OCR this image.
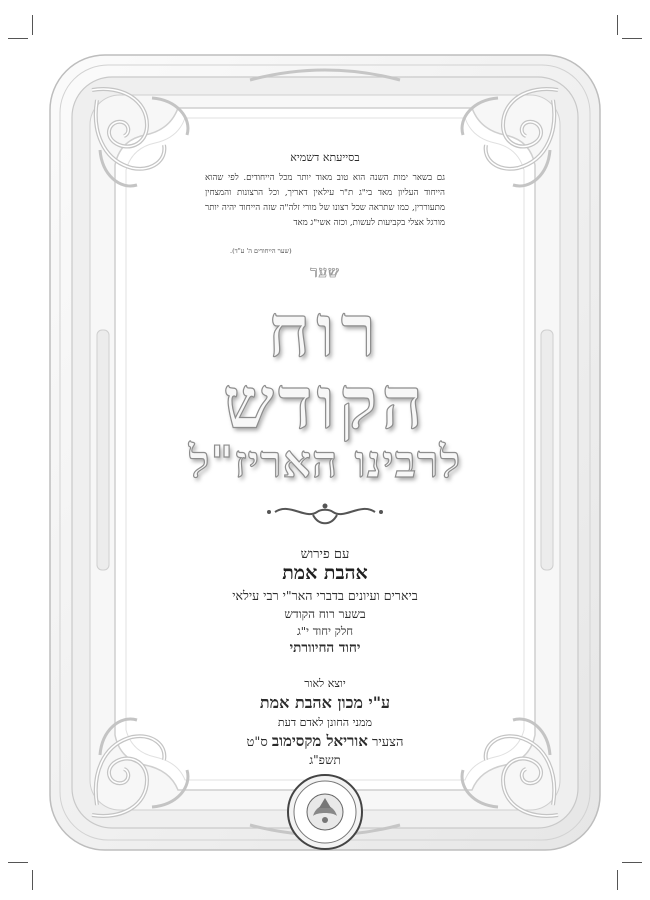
בסייעתא דשמיא
גם בשאר ימות השנה הוא טוב מאוד יותר מכל הייחודים. לפי שהוא הייחוד העליון מאד בי"ג ת"ר עילאין דאריך, וכל הרצונות והמצחין מתעוררין, כמו שתראה שכל רצונו של מורי זלה"ה שזה הייחוד יהיה יותר מורגל אצלי בקביעות לעשות, וכזה אשי"ג מאד
(שער הייחודים ה' ע"ד).
שער
רוח
הקודש
לרבינו האריז"ל
עם פירוש
אהבת אמת
ביארים ועיונים בדברי האר"י רבי עילאי
בשער רוח הקודש
חלק יחוד י"ג
יחוד החיוורתי
יוצא לאור
ע"י מכון אהבת אמת
ממני החונן לאדם דעת
הצעיר אוריאל מקסימוב ס"ט
תשפ"ג
